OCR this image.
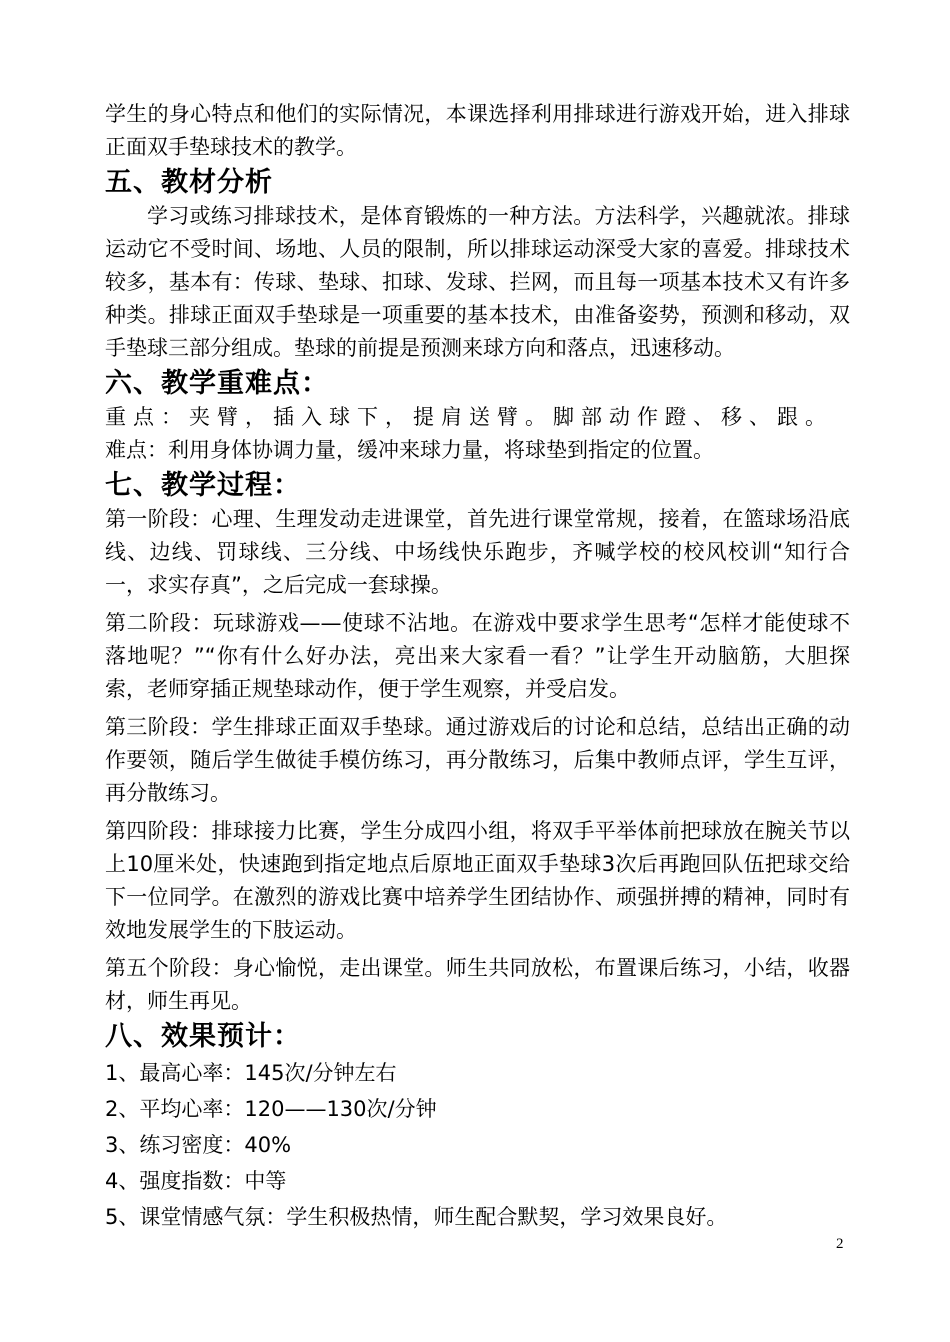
学生的身心特点和他们的实际情况，本课选择利用排球进行游戏开始，进入排球正面双手垫球技术的教学。

五、教材分析

学习或练习排球技术，是体育锻炼的一种方法。方法科学，兴趣就浓。排球运动它不受时间、场地、人员的限制，所以排球运动深受大家的喜爱。排球技术较多，基本有：传球、垫球、扣球、发球、拦网，而且每一项基本技术又有许多种类。排球正面双手垫球是一项重要的基本技术，由准备姿势，预测和移动，双手垫球三部分组成。垫球的前提是预测来球方向和落点，迅速移动。

六、教学重难点：

重点：夹臂，插入球下，提肩送臂。脚部动作蹬、移、跟。

难点：利用身体协调力量，缓冲来球力量，将球垫到指定的位置。

七、教学过程：

第一阶段：心理、生理发动走进课堂，首先进行课堂常规，接着，在篮球场沿底线、边线、罚球线、三分线、中场线快乐跑步，齐喊学校的校风校训“知行合一，求实存真”，之后完成一套球操。

第二阶段：玩球游戏——使球不沾地。在游戏中要求学生思考“怎样才能使球不落地呢？”“你有什么好办法，亮出来大家看一看？”让学生开动脑筋，大胆探索，老师穿插正规垫球动作，便于学生观察，并受启发。

第三阶段：学生排球正面双手垫球。通过游戏后的讨论和总结，总结出正确的动作要领，随后学生做徒手模仿练习，再分散练习，后集中教师点评，学生互评，再分散练习。

第四阶段：排球接力比赛，学生分成四小组，将双手平举体前把球放在腕关节以上10厘米处，快速跑到指定地点后原地正面双手垫球3次后再跑回队伍把球交给下一位同学。在激烈的游戏比赛中培养学生团结协作、顽强拼搏的精神，同时有效地发展学生的下肢运动。

第五个阶段：身心愉悦，走出课堂。师生共同放松，布置课后练习，小结，收器材，师生再见。

八、效果预计：

1、最高心率：145次/分钟左右

2、平均心率：120——130次/分钟

3、练习密度：40%

4、强度指数：中等

5、课堂情感气氛：学生积极热情，师生配合默契，学习效果良好。

2
